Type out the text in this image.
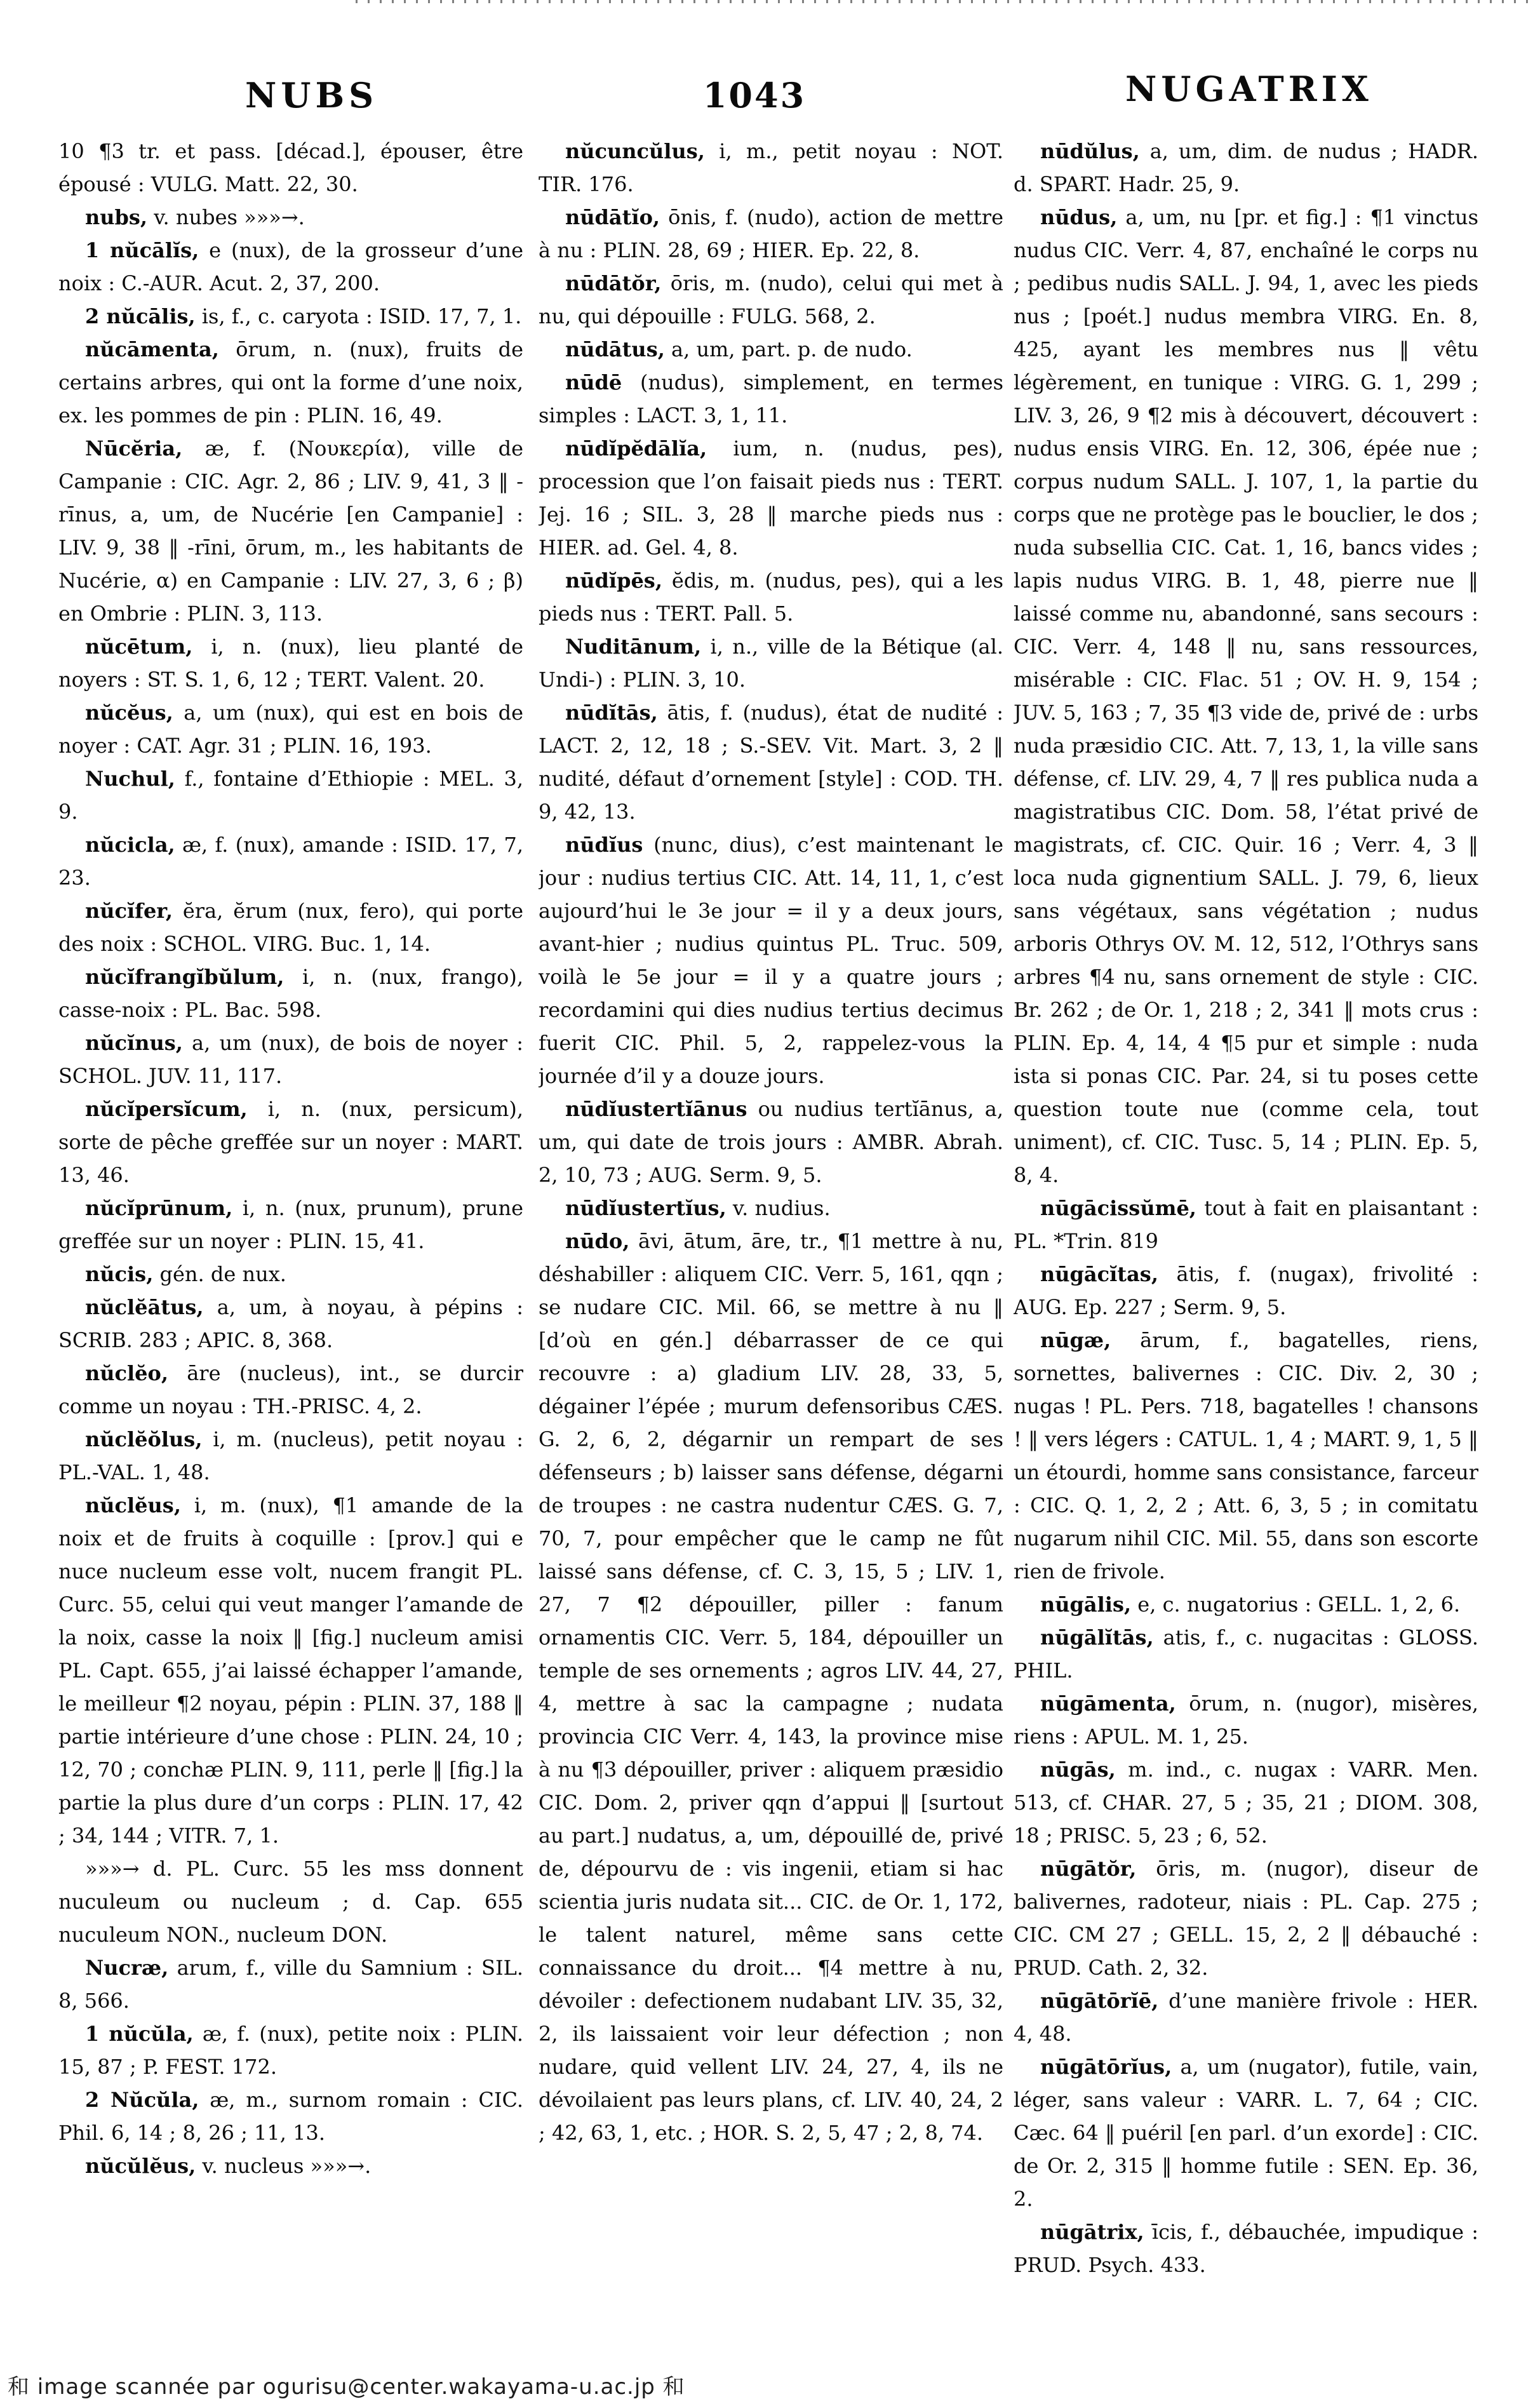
NUBS	1043	NUGATRIX

10 ¶3 tr. et pass. [décad.], épouser, être épousé : VULG. Matt. 22, 30.

nubs, v. nubes »»»→.

1 nŭcālĭs, e (nux), de la grosseur d’une noix : C.-AUR. Acut. 2, 37, 200.

2 nŭcālis, is, f., c. caryota : ISID. 17, 7, 1.

nŭcāmenta, ōrum, n. (nux), fruits de certains arbres, qui ont la forme d’une noix, ex. les pommes de pin : PLIN. 16, 49.

Nūcĕria, æ, f. (Νουκερία), ville de Campanie : CIC. Agr. 2, 86 ; LIV. 9, 41, 3 ‖ -rīnus, a, um, de Nucérie [en Campanie] : LIV. 9, 38 ‖ -rīni, ōrum, m., les habitants de Nucérie, α) en Campanie : LIV. 27, 3, 6 ; β) en Ombrie : PLIN. 3, 113.

nŭcētum, i, n. (nux), lieu planté de noyers : ST. S. 1, 6, 12 ; TERT. Valent. 20.

nŭcĕus, a, um (nux), qui est en bois de noyer : CAT. Agr. 31 ; PLIN. 16, 193.

Nuchul, f., fontaine d’Ethiopie : MEL. 3, 9.

nŭcicla, æ, f. (nux), amande : ISID. 17, 7, 23.

nŭcĭfer, ĕra, ĕrum (nux, fero), qui porte des noix : SCHOL. VIRG. Buc. 1, 14.

nŭcĭfrangĭbŭlum, i, n. (nux, frango), casse-noix : PL. Bac. 598.

nŭcĭnus, a, um (nux), de bois de noyer : SCHOL. JUV. 11, 117.

nŭcĭpersĭcum, i, n. (nux, persicum), sorte de pêche greffée sur un noyer : MART. 13, 46.

nŭcĭprūnum, i, n. (nux, prunum), prune greffée sur un noyer : PLIN. 15, 41.

nŭcis, gén. de nux.

nŭclĕātus, a, um, à noyau, à pépins : SCRIB. 283 ; APIC. 8, 368.

nŭclĕo, āre (nucleus), int., se durcir comme un noyau : TH.-PRISC. 4, 2.

nŭclĕŏlus, i, m. (nucleus), petit noyau : PL.-VAL. 1, 48.

nŭclĕus, i, m. (nux), ¶1 amande de la noix et de fruits à coquille : [prov.] qui e nuce nucleum esse volt, nucem frangit PL. Curc. 55, celui qui veut manger l’amande de la noix, casse la noix ‖ [fig.] nucleum amisi PL. Capt. 655, j’ai laissé échapper l’amande, le meilleur ¶2 noyau, pépin : PLIN. 37, 188 ‖ partie intérieure d’une chose : PLIN. 24, 10 ; 12, 70 ; conchæ PLIN. 9, 111, perle ‖ [fig.] la partie la plus dure d’un corps : PLIN. 17, 42 ; 34, 144 ; VITR. 7, 1.

»»»→ d. PL. Curc. 55 les mss donnent nuculeum ou nucleum ; d. Cap. 655 nuculeum NON., nucleum DON.

Nucræ, arum, f., ville du Samnium : SIL. 8, 566.

1 nŭcŭla, æ, f. (nux), petite noix : PLIN. 15, 87 ; P. FEST. 172.

2 Nŭcŭla, æ, m., surnom romain : CIC. Phil. 6, 14 ; 8, 26 ; 11, 13.

nŭcŭlĕus, v. nucleus »»»→.

nŭcuncŭlus, i, m., petit noyau : NOT. TIR. 176.

nūdātĭo, ōnis, f. (nudo), action de mettre à nu : PLIN. 28, 69 ; HIER. Ep. 22, 8.

nūdātŏr, ōris, m. (nudo), celui qui met à nu, qui dépouille : FULG. 568, 2.

nūdātus, a, um, part. p. de nudo.

nūdē (nudus), simplement, en termes simples : LACT. 3, 1, 11.

nūdĭpĕdālĭa, ium, n. (nudus, pes), procession que l’on faisait pieds nus : TERT. Jej. 16 ; SIL. 3, 28 ‖ marche pieds nus : HIER. ad. Gel. 4, 8.

nūdĭpēs, ĕdis, m. (nudus, pes), qui a les pieds nus : TERT. Pall. 5.

Nuditānum, i, n., ville de la Bétique (al. Undi-) : PLIN. 3, 10.

nūdĭtās, ātis, f. (nudus), état de nudité : LACT. 2, 12, 18 ; S.-SEV. Vit. Mart. 3, 2 ‖ nudité, défaut d’ornement [style] : COD. TH. 9, 42, 13.

nūdĭus (nunc, dius), c’est maintenant le jour : nudius tertius CIC. Att. 14, 11, 1, c’est aujourd’hui le 3e jour = il y a deux jours, avant-hier ; nudius quintus PL. Truc. 509, voilà le 5e jour = il y a quatre jours ; recordamini qui dies nudius tertius decimus fuerit CIC. Phil. 5, 2, rappelez-vous la journée d’il y a douze jours.

nūdĭustertĭānus ou nudius tertĭānus, a, um, qui date de trois jours : AMBR. Abrah. 2, 10, 73 ; AUG. Serm. 9, 5.

nūdĭustertĭus, v. nudius.

nūdo, āvi, ātum, āre, tr., ¶1 mettre à nu, déshabiller : aliquem CIC. Verr. 5, 161, qqn ; se nudare CIC. Mil. 66, se mettre à nu ‖ [d’où en gén.] débarrasser de ce qui recouvre : a) gladium LIV. 28, 33, 5, dégainer l’épée ; murum defensoribus CÆS. G. 2, 6, 2, dégarnir un rempart de ses défenseurs ; b) laisser sans défense, dégarni de troupes : ne castra nudentur CÆS. G. 7, 70, 7, pour empêcher que le camp ne fût laissé sans défense, cf. C. 3, 15, 5 ; LIV. 1, 27, 7 ¶2 dépouiller, piller : fanum ornamentis CIC. Verr. 5, 184, dépouiller un temple de ses ornements ; agros LIV. 44, 27, 4, mettre à sac la campagne ; nudata provincia CIC Verr. 4, 143, la province mise à nu ¶3 dépouiller, priver : aliquem præsidio CIC. Dom. 2, priver qqn d’appui ‖ [surtout au part.] nudatus, a, um, dépouillé de, privé de, dépourvu de : vis ingenii, etiam si hac scientia juris nudata sit... CIC. de Or. 1, 172, le talent naturel, même sans cette connaissance du droit... ¶4 mettre à nu, dévoiler : defectionem nudabant LIV. 35, 32, 2, ils laissaient voir leur défection ; non nudare, quid vellent LIV. 24, 27, 4, ils ne dévoilaient pas leurs plans, cf. LIV. 40, 24, 2 ; 42, 63, 1, etc. ; HOR. S. 2, 5, 47 ; 2, 8, 74.

nūdŭlus, a, um, dim. de nudus ; HADR. d. SPART. Hadr. 25, 9.

nūdus, a, um, nu [pr. et fig.] : ¶1 vinctus nudus CIC. Verr. 4, 87, enchaîné le corps nu ; pedibus nudis SALL. J. 94, 1, avec les pieds nus ; [poét.] nudus membra VIRG. En. 8, 425, ayant les membres nus ‖ vêtu légèrement, en tunique : VIRG. G. 1, 299 ; LIV. 3, 26, 9 ¶2 mis à découvert, découvert : nudus ensis VIRG. En. 12, 306, épée nue ; corpus nudum SALL. J. 107, 1, la partie du corps que ne protège pas le bouclier, le dos ; nuda subsellia CIC. Cat. 1, 16, bancs vides ; lapis nudus VIRG. B. 1, 48, pierre nue ‖ laissé comme nu, abandonné, sans secours : CIC. Verr. 4, 148 ‖ nu, sans ressources, misérable : CIC. Flac. 51 ; OV. H. 9, 154 ; JUV. 5, 163 ; 7, 35 ¶3 vide de, privé de : urbs nuda præsidio CIC. Att. 7, 13, 1, la ville sans défense, cf. LIV. 29, 4, 7 ‖ res publica nuda a magistratibus CIC. Dom. 58, l’état privé de magistrats, cf. CIC. Quir. 16 ; Verr. 4, 3 ‖ loca nuda gignentium SALL. J. 79, 6, lieux sans végétaux, sans végétation ; nudus arboris Othrys OV. M. 12, 512, l’Othrys sans arbres ¶4 nu, sans ornement de style : CIC. Br. 262 ; de Or. 1, 218 ; 2, 341 ‖ mots crus : PLIN. Ep. 4, 14, 4 ¶5 pur et simple : nuda ista si ponas CIC. Par. 24, si tu poses cette question toute nue (comme cela, tout uniment), cf. CIC. Tusc. 5, 14 ; PLIN. Ep. 5, 8, 4.

nūgācissŭmē, tout à fait en plaisantant : PL. *Trin. 819

nūgācĭtas, ātis, f. (nugax), frivolité : AUG. Ep. 227 ; Serm. 9, 5.

nūgæ, ārum, f., bagatelles, riens, sornettes, balivernes : CIC. Div. 2, 30 ; nugas ! PL. Pers. 718, bagatelles ! chansons ! ‖ vers légers : CATUL. 1, 4 ; MART. 9, 1, 5 ‖ un étourdi, homme sans consistance, farceur : CIC. Q. 1, 2, 2 ; Att. 6, 3, 5 ; in comitatu nugarum nihil CIC. Mil. 55, dans son escorte rien de frivole.

nūgālis, e, c. nugatorius : GELL. 1, 2, 6.

nūgālĭtās, atis, f., c. nugacitas : GLOSS. PHIL.

nūgāmenta, ōrum, n. (nugor), misères, riens : APUL. M. 1, 25.

nūgās, m. ind., c. nugax : VARR. Men. 513, cf. CHAR. 27, 5 ; 35, 21 ; DIOM. 308, 18 ; PRISC. 5, 23 ; 6, 52.

nūgātŏr, ōris, m. (nugor), diseur de balivernes, radoteur, niais : PL. Cap. 275 ; CIC. CM 27 ; GELL. 15, 2, 2 ‖ débauché : PRUD. Cath. 2, 32.

nūgātōrĭē, d’une manière frivole : HER. 4, 48.

nūgātōrĭus, a, um (nugator), futile, vain, léger, sans valeur : VARR. L. 7, 64 ; CIC. Cæc. 64 ‖ puéril [en parl. d’un exorde] : CIC. de Or. 2, 315 ‖ homme futile : SEN. Ep. 36, 2.

nūgātrix, īcis, f., débauchée, impudique : PRUD. Psych. 433.

和 image scannée par ogurisu@center.wakayama-u.ac.jp 和
